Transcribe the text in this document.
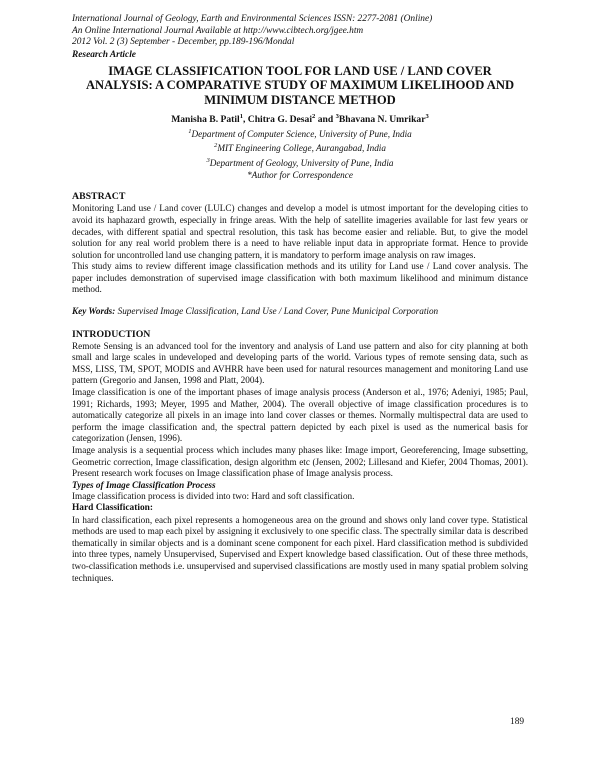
International Journal of Geology, Earth and Environmental Sciences ISSN: 2277-2081 (Online)
An Online International Journal Available at http://www.cibtech.org/jgee.htm
2012 Vol. 2 (3) September - December, pp.189-196/Mondal
Research Article
IMAGE CLASSIFICATION TOOL FOR LAND USE / LAND COVER ANALYSIS: A COMPARATIVE STUDY OF MAXIMUM LIKELIHOOD AND MINIMUM DISTANCE METHOD
Manisha B. Patil$^1$, Chitra G. Desai$^2$ and $^3$Bhavana N. Umrikar$^3$
$^1$Department of Computer Science, University of Pune, India
$^2$MIT Engineering College, Aurangabad, India
$^3$Department of Geology, University of Pune, India
*Author for Correspondence
ABSTRACT

Monitoring Land use / Land cover (LULC) changes and develop a model is utmost important for the developing cities to avoid its haphazard growth, especially in fringe areas. With the help of satellite imageries available for last few years or decades, with different spatial and spectral resolution, this task has become easier and reliable. But, to give the model solution for any real world problem there is a need to have reliable input data in appropriate format. Hence to provide solution for uncontrolled land use changing pattern, it is mandatory to perform image analysis on raw images.

This study aims to review different image classification methods and its utility for Land use / Land cover analysis. The paper includes demonstration of supervised image classification with both maximum likelihood and minimum distance method.

Key Words: Supervised Image Classification, Land Use / Land Cover, Pune Municipal Corporation
INTRODUCTION

Remote Sensing is an advanced tool for the inventory and analysis of Land use pattern and also for city planning at both small and large scales in undeveloped and developing parts of the world. Various types of remote sensing data, such as MSS, LISS, TM, SPOT, MODIS and AVHRR have been used for natural resources management and monitoring Land use pattern (Gregorio and Jansen, 1998 and Platt, 2004).

Image classification is one of the important phases of image analysis process (Anderson et al., 1976; Adeniyi, 1985; Paul, 1991; Richards, 1993; Meyer, 1995 and Mather, 2004). The overall objective of image classification procedures is to automatically categorize all pixels in an image into land cover classes or themes. Normally multispectral data are used to perform the image classification and, the spectral pattern depicted by each pixel is used as the numerical basis for categorization (Jensen, 1996).

Image analysis is a sequential process which includes many phases like: Image import, Georeferencing, Image subsetting, Geometric correction, Image classification, design algorithm etc (Jensen, 2002; Lillesand and Kiefer, 2004 Thomas, 2001). Present research work focuses on Image classification phase of Image analysis process.

Types of Image Classification Process

Image classification process is divided into two: Hard and soft classification.

Hard Classification:

In hard classification, each pixel represents a homogeneous area on the ground and shows only land cover type. Statistical methods are used to map each pixel by assigning it exclusively to one specific class. The spectrally similar data is described thematically in similar objects and is a dominant scene component for each pixel. Hard classification method is subdivided into three types, namely Unsupervised, Supervised and Expert knowledge based classification. Out of these three methods, two-classification methods i.e. unsupervised and supervised classifications are mostly used in many spatial problem solving techniques.

189
